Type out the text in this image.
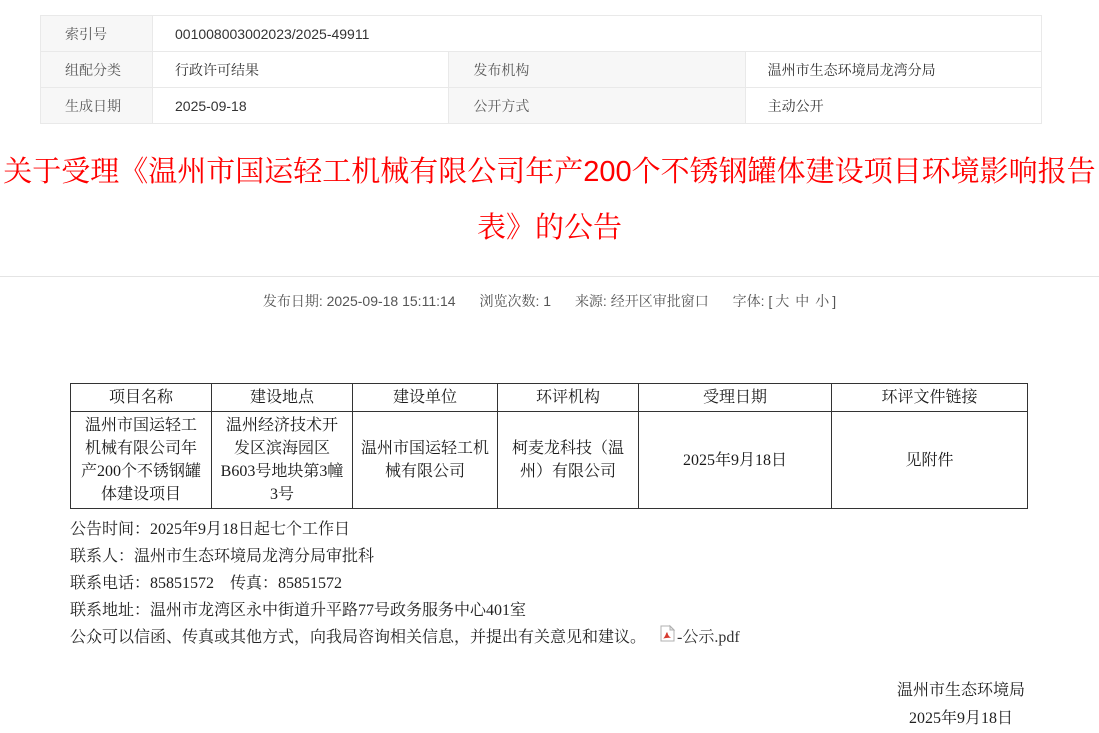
索引号	001008003002023/2025-49911		
组配分类	行政许可结果	发布机构	温州市生态环境局龙湾分局
生成日期	2025-09-18	公开方式	主动公开
关于受理《温州市国运轻工机械有限公司年产200个不锈钢罐体建设项目环境影响报告表》的公告
发布日期: 2025-09-18 15:11:14 浏览次数: 1 来源: 经开区审批窗口 字体: [ 大 中 小 ]
项目名称	建设地点	建设单位	环评机构	受理日期	环评文件链接
温州市国运轻工机械有限公司年产200个不锈钢罐体建设项目	温州经济技术开发区滨海园区B603号地块第3幢3号	温州市国运轻工机械有限公司	柯麦龙科技（温州）有限公司	2025年9月18日	见附件

公告时间：2025年9月18日起七个工作日

联系人：温州市生态环境局龙湾分局审批科

联系电话：85851572　传真：85851572

联系地址：温州市龙湾区永中街道升平路77号政务服务中心401室

公众可以信函、传真或其他方式，向我局咨询相关信息，并提出有关意见和建议。 -公示.pdf

温州市生态环境局
2025年9月18日
